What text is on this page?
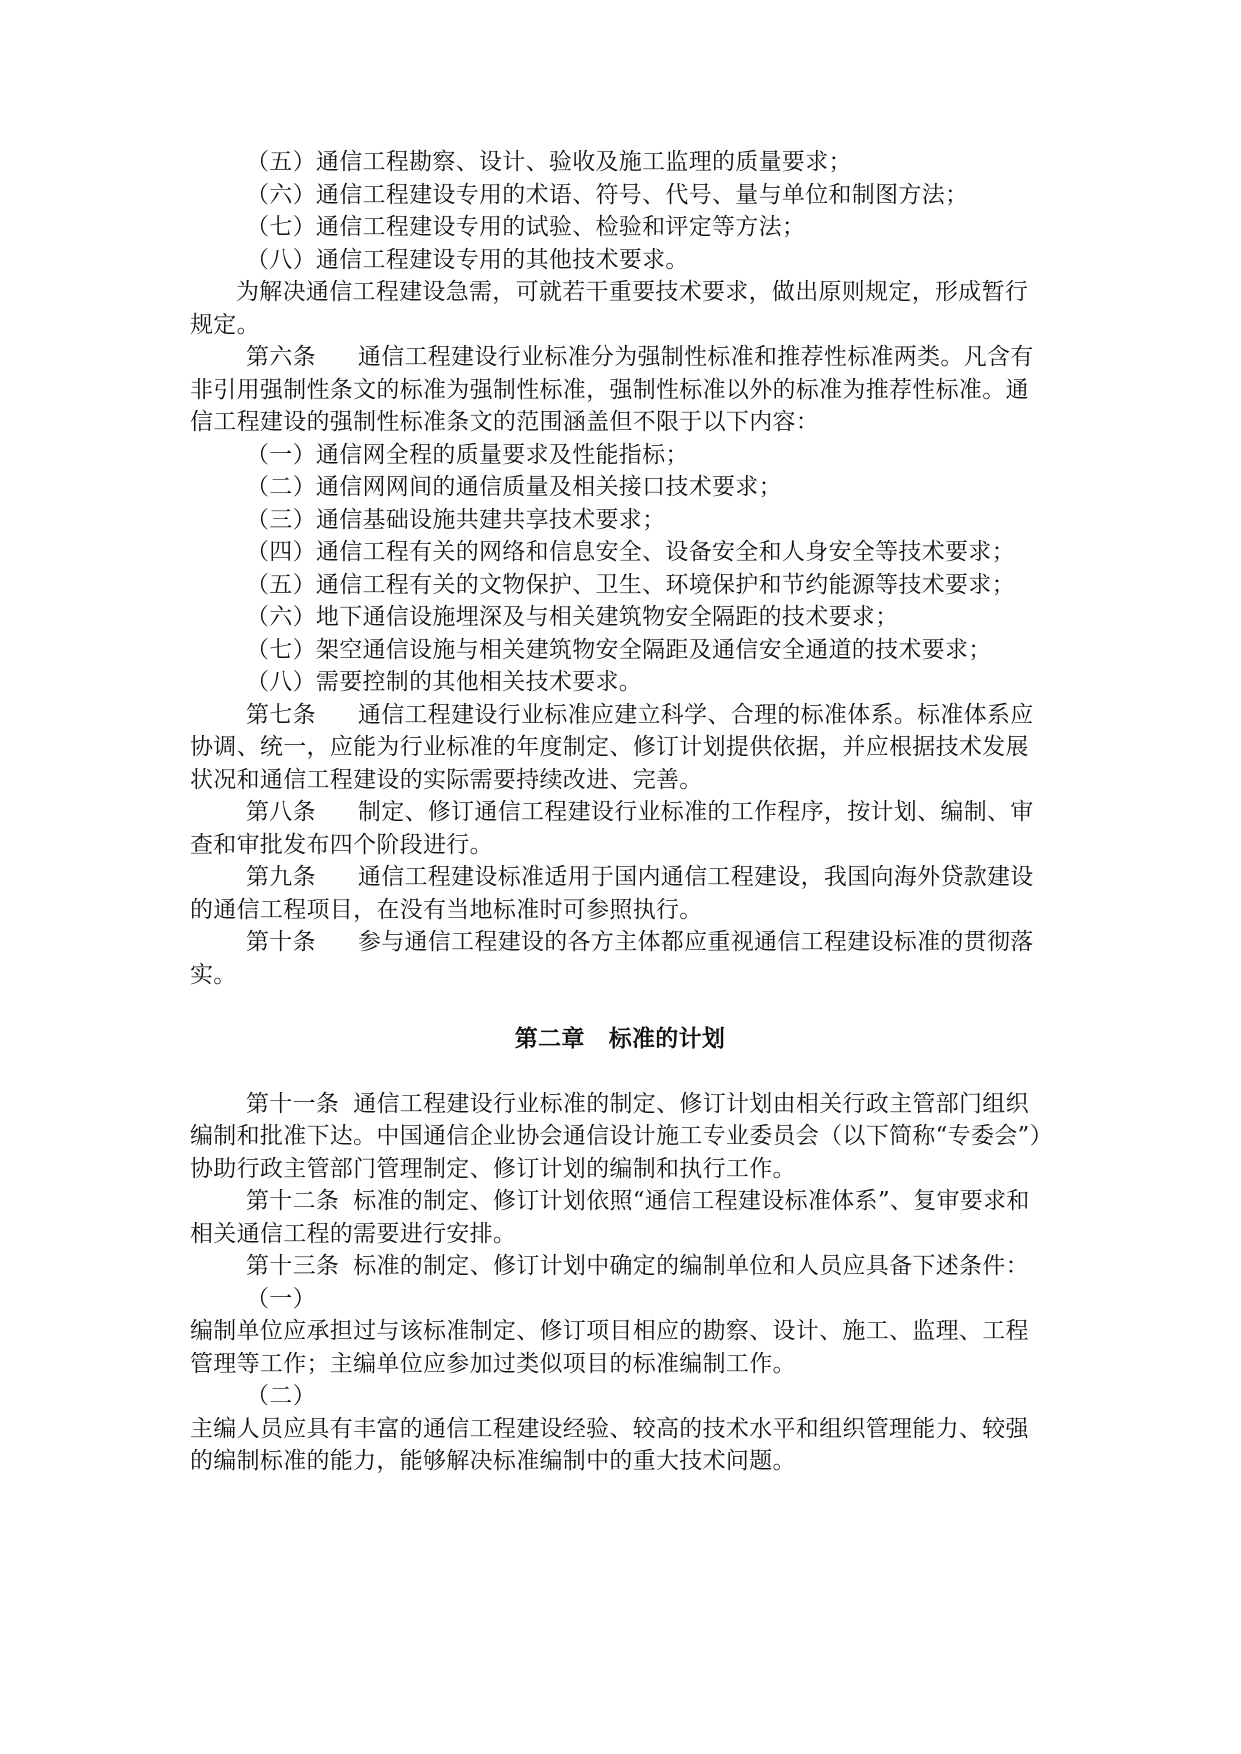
（五）通信工程勘察、设计、验收及施工监理的质量要求；

（六）通信工程建设专用的术语、符号、代号、量与单位和制图方法；

（七）通信工程建设专用的试验、检验和评定等方法；

（八）通信工程建设专用的其他技术要求。

为解决通信工程建设急需，可就若干重要技术要求，做出原则规定，形成暂行规定。

第六条 通信工程建设行业标准分为强制性标准和推荐性标准两类。凡含有非引用强制性条文的标准为强制性标准，强制性标准以外的标准为推荐性标准。通信工程建设的强制性标准条文的范围涵盖但不限于以下内容：

（一）通信网全程的质量要求及性能指标；

（二）通信网网间的通信质量及相关接口技术要求；

（三）通信基础设施共建共享技术要求；

（四）通信工程有关的网络和信息安全、设备安全和人身安全等技术要求；

（五）通信工程有关的文物保护、卫生、环境保护和节约能源等技术要求；

（六）地下通信设施埋深及与相关建筑物安全隔距的技术要求；

（七）架空通信设施与相关建筑物安全隔距及通信安全通道的技术要求；

（八）需要控制的其他相关技术要求。

第七条 通信工程建设行业标准应建立科学、合理的标准体系。标准体系应协调、统一，应能为行业标准的年度制定、修订计划提供依据，并应根据技术发展状况和通信工程建设的实际需要持续改进、完善。

第八条 制定、修订通信工程建设行业标准的工作程序，按计划、编制、审查和审批发布四个阶段进行。

第九条 通信工程建设标准适用于国内通信工程建设，我国向海外贷款建设的通信工程项目，在没有当地标准时可参照执行。

第十条 参与通信工程建设的各方主体都应重视通信工程建设标准的贯彻落实。

第二章 标准的计划

第十一条 通信工程建设行业标准的制定、修订计划由相关行政主管部门组织编制和批准下达。中国通信企业协会通信设计施工专业委员会（以下简称“专委会”）协助行政主管部门管理制定、修订计划的编制和执行工作。

第十二条 标准的制定、修订计划依照“通信工程建设标准体系”、复审要求和相关通信工程的需要进行安排。

第十三条 标准的制定、修订计划中确定的编制单位和人员应具备下述条件：

（一）

编制单位应承担过与该标准制定、修订项目相应的勘察、设计、施工、监理、工程管理等工作；主编单位应参加过类似项目的标准编制工作。

（二）

主编人员应具有丰富的通信工程建设经验、较高的技术水平和组织管理能力、较强的编制标准的能力，能够解决标准编制中的重大技术问题。
